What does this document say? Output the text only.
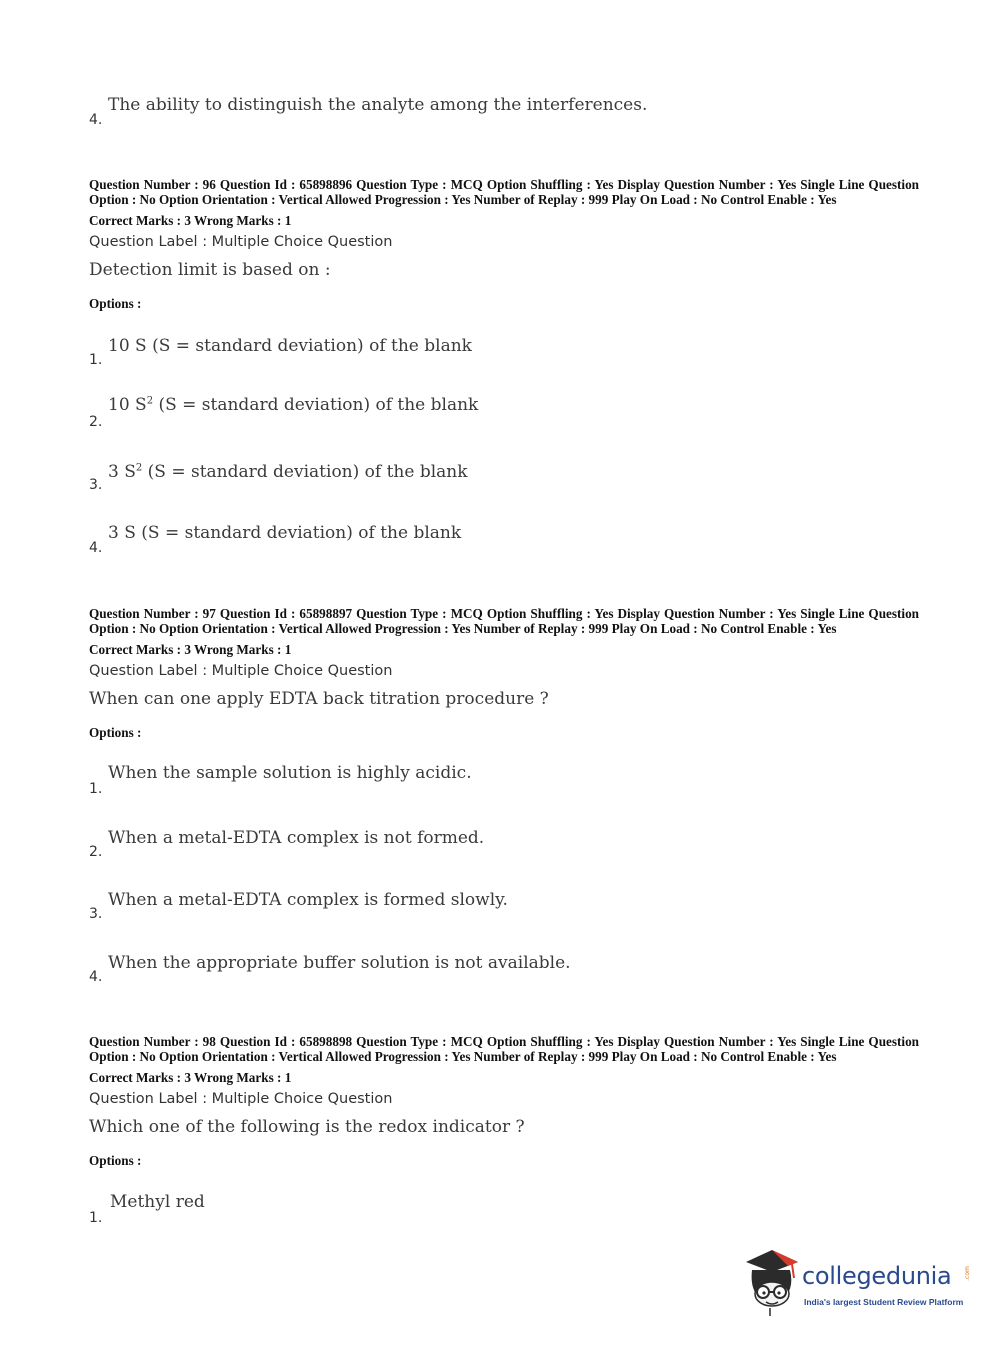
4.
The ability to distinguish the analyte among the interferences.
Question Number : 96 Question Id : 65898896 Question Type : MCQ Option Shuffling : Yes Display Question Number : Yes Single Line Question Option : No Option Orientation : Vertical Allowed Progression : Yes Number of Replay : 999 Play On Load : No Control Enable : Yes
Correct Marks : 3 Wrong Marks : 1
Question Label : Multiple Choice Question
Detection limit is based on :
Options :
1.
10 S (S = standard deviation) of the blank
2.
10 $S^2$ (S = standard deviation) of the blank
3.
3 $S^2$ (S = standard deviation) of the blank
4.
3 S (S = standard deviation) of the blank
Question Number : 97 Question Id : 65898897 Question Type : MCQ Option Shuffling : Yes Display Question Number : Yes Single Line Question Option : No Option Orientation : Vertical Allowed Progression : Yes Number of Replay : 999 Play On Load : No Control Enable : Yes
Correct Marks : 3 Wrong Marks : 1
Question Label : Multiple Choice Question
When can one apply EDTA back titration procedure ?
Options :
1.
When the sample solution is highly acidic.
2.
When a metal-EDTA complex is not formed.
3.
When a metal-EDTA complex is formed slowly.
4.
When the appropriate buffer solution is not available.
Question Number : 98 Question Id : 65898898 Question Type : MCQ Option Shuffling : Yes Display Question Number : Yes Single Line Question Option : No Option Orientation : Vertical Allowed Progression : Yes Number of Replay : 999 Play On Load : No Control Enable : Yes
Correct Marks : 3 Wrong Marks : 1
Question Label : Multiple Choice Question
Which one of the following is the redox indicator ?
Options :
1.
Methyl red
collegedunia .com
India's largest Student Review Platform
